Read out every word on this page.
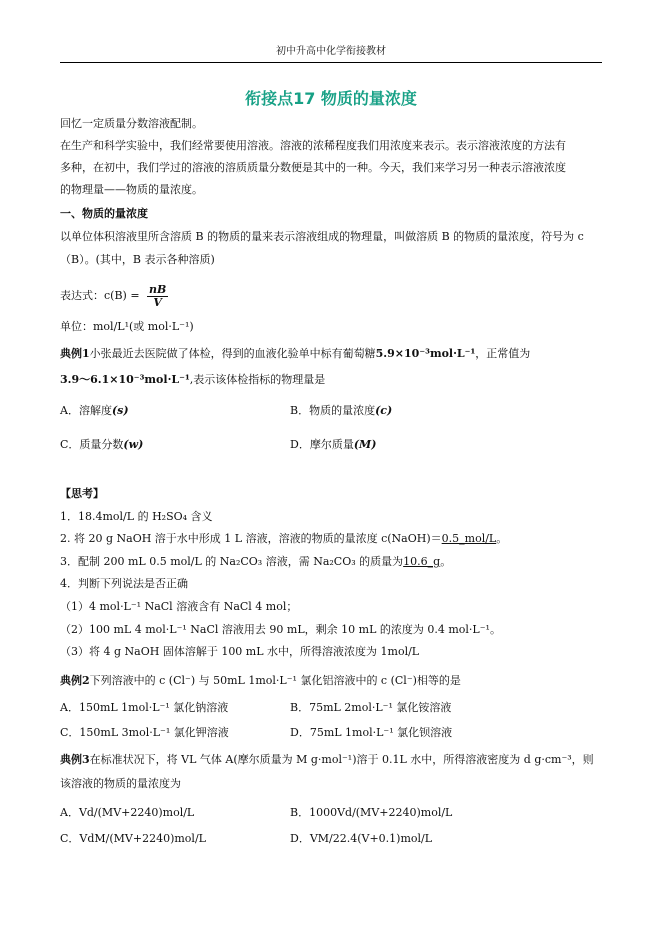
初中升高中化学衔接教材
衔接点17 物质的量浓度
回忆一定质量分数溶液配制。
在生产和科学实验中，我们经常要使用溶液。溶液的浓稀程度我们用浓度来表示。表示溶液浓度的方法有
多种，在初中，我们学过的溶液的溶质质量分数便是其中的一种。今天，我们来学习另一种表示溶液浓度
的物理量——物质的量浓度。
一、物质的量浓度
以单位体积溶液里所含溶质 B 的物质的量来表示溶液组成的物理量，叫做溶质 B 的物质的量浓度，符号为 c
（B）。(其中，B 表示各种溶质)
表达式：$c(B) = \frac{nB}{V}$
单位：mol/L¹(或 mol·L⁻¹)
典例1小张最近去医院做了体检，得到的血液化验单中标有葡萄糖5.9×10⁻³mol·L⁻¹，正常值为
3.9～6.1×10⁻³mol·L⁻¹,表示该体检指标的物理量是
A．溶解度(s)	B．物质的量浓度(c)
C．质量分数(w)	D．摩尔质量(M)
【思考】
1．18.4mol/L 的 H₂SO₄ 含义
2. 将 20 g NaOH 溶于水中形成 1 L 溶液，溶液的物质的量浓度 c(NaOH)＝0.5_mol/L。
3．配制 200 mL 0.5 mol/L 的 Na₂CO₃ 溶液，需 Na₂CO₃ 的质量为10.6_g。
4．判断下列说法是否正确
（1）4 mol·L⁻¹ NaCl 溶液含有 NaCl 4 mol；
（2）100 mL 4 mol·L⁻¹ NaCl 溶液用去 90 mL，剩余 10 mL 的浓度为 0.4 mol·L⁻¹。
（3）将 4 g NaOH 固体溶解于 100 mL 水中，所得溶液浓度为 1mol/L
典例2下列溶液中的 c (Cl⁻) 与 50mL 1mol·L⁻¹ 氯化铝溶液中的 c (Cl⁻)相等的是
A．150mL 1mol·L⁻¹ 氯化钠溶液	B．75mL 2mol·L⁻¹ 氯化铵溶液
C．150mL 3mol·L⁻¹ 氯化钾溶液	D．75mL 1mol·L⁻¹ 氯化钡溶液
典例3在标准状况下，将 VL 气体 A(摩尔质量为 M g·mol⁻¹)溶于 0.1L 水中，所得溶液密度为 d g·cm⁻³，则
该溶液的物质的量浓度为
A．Vd/(MV+2240)mol/L	B．1000Vd/(MV+2240)mol/L
C．VdM/(MV+2240)mol/L	D．VM/22.4(V+0.1)mol/L
